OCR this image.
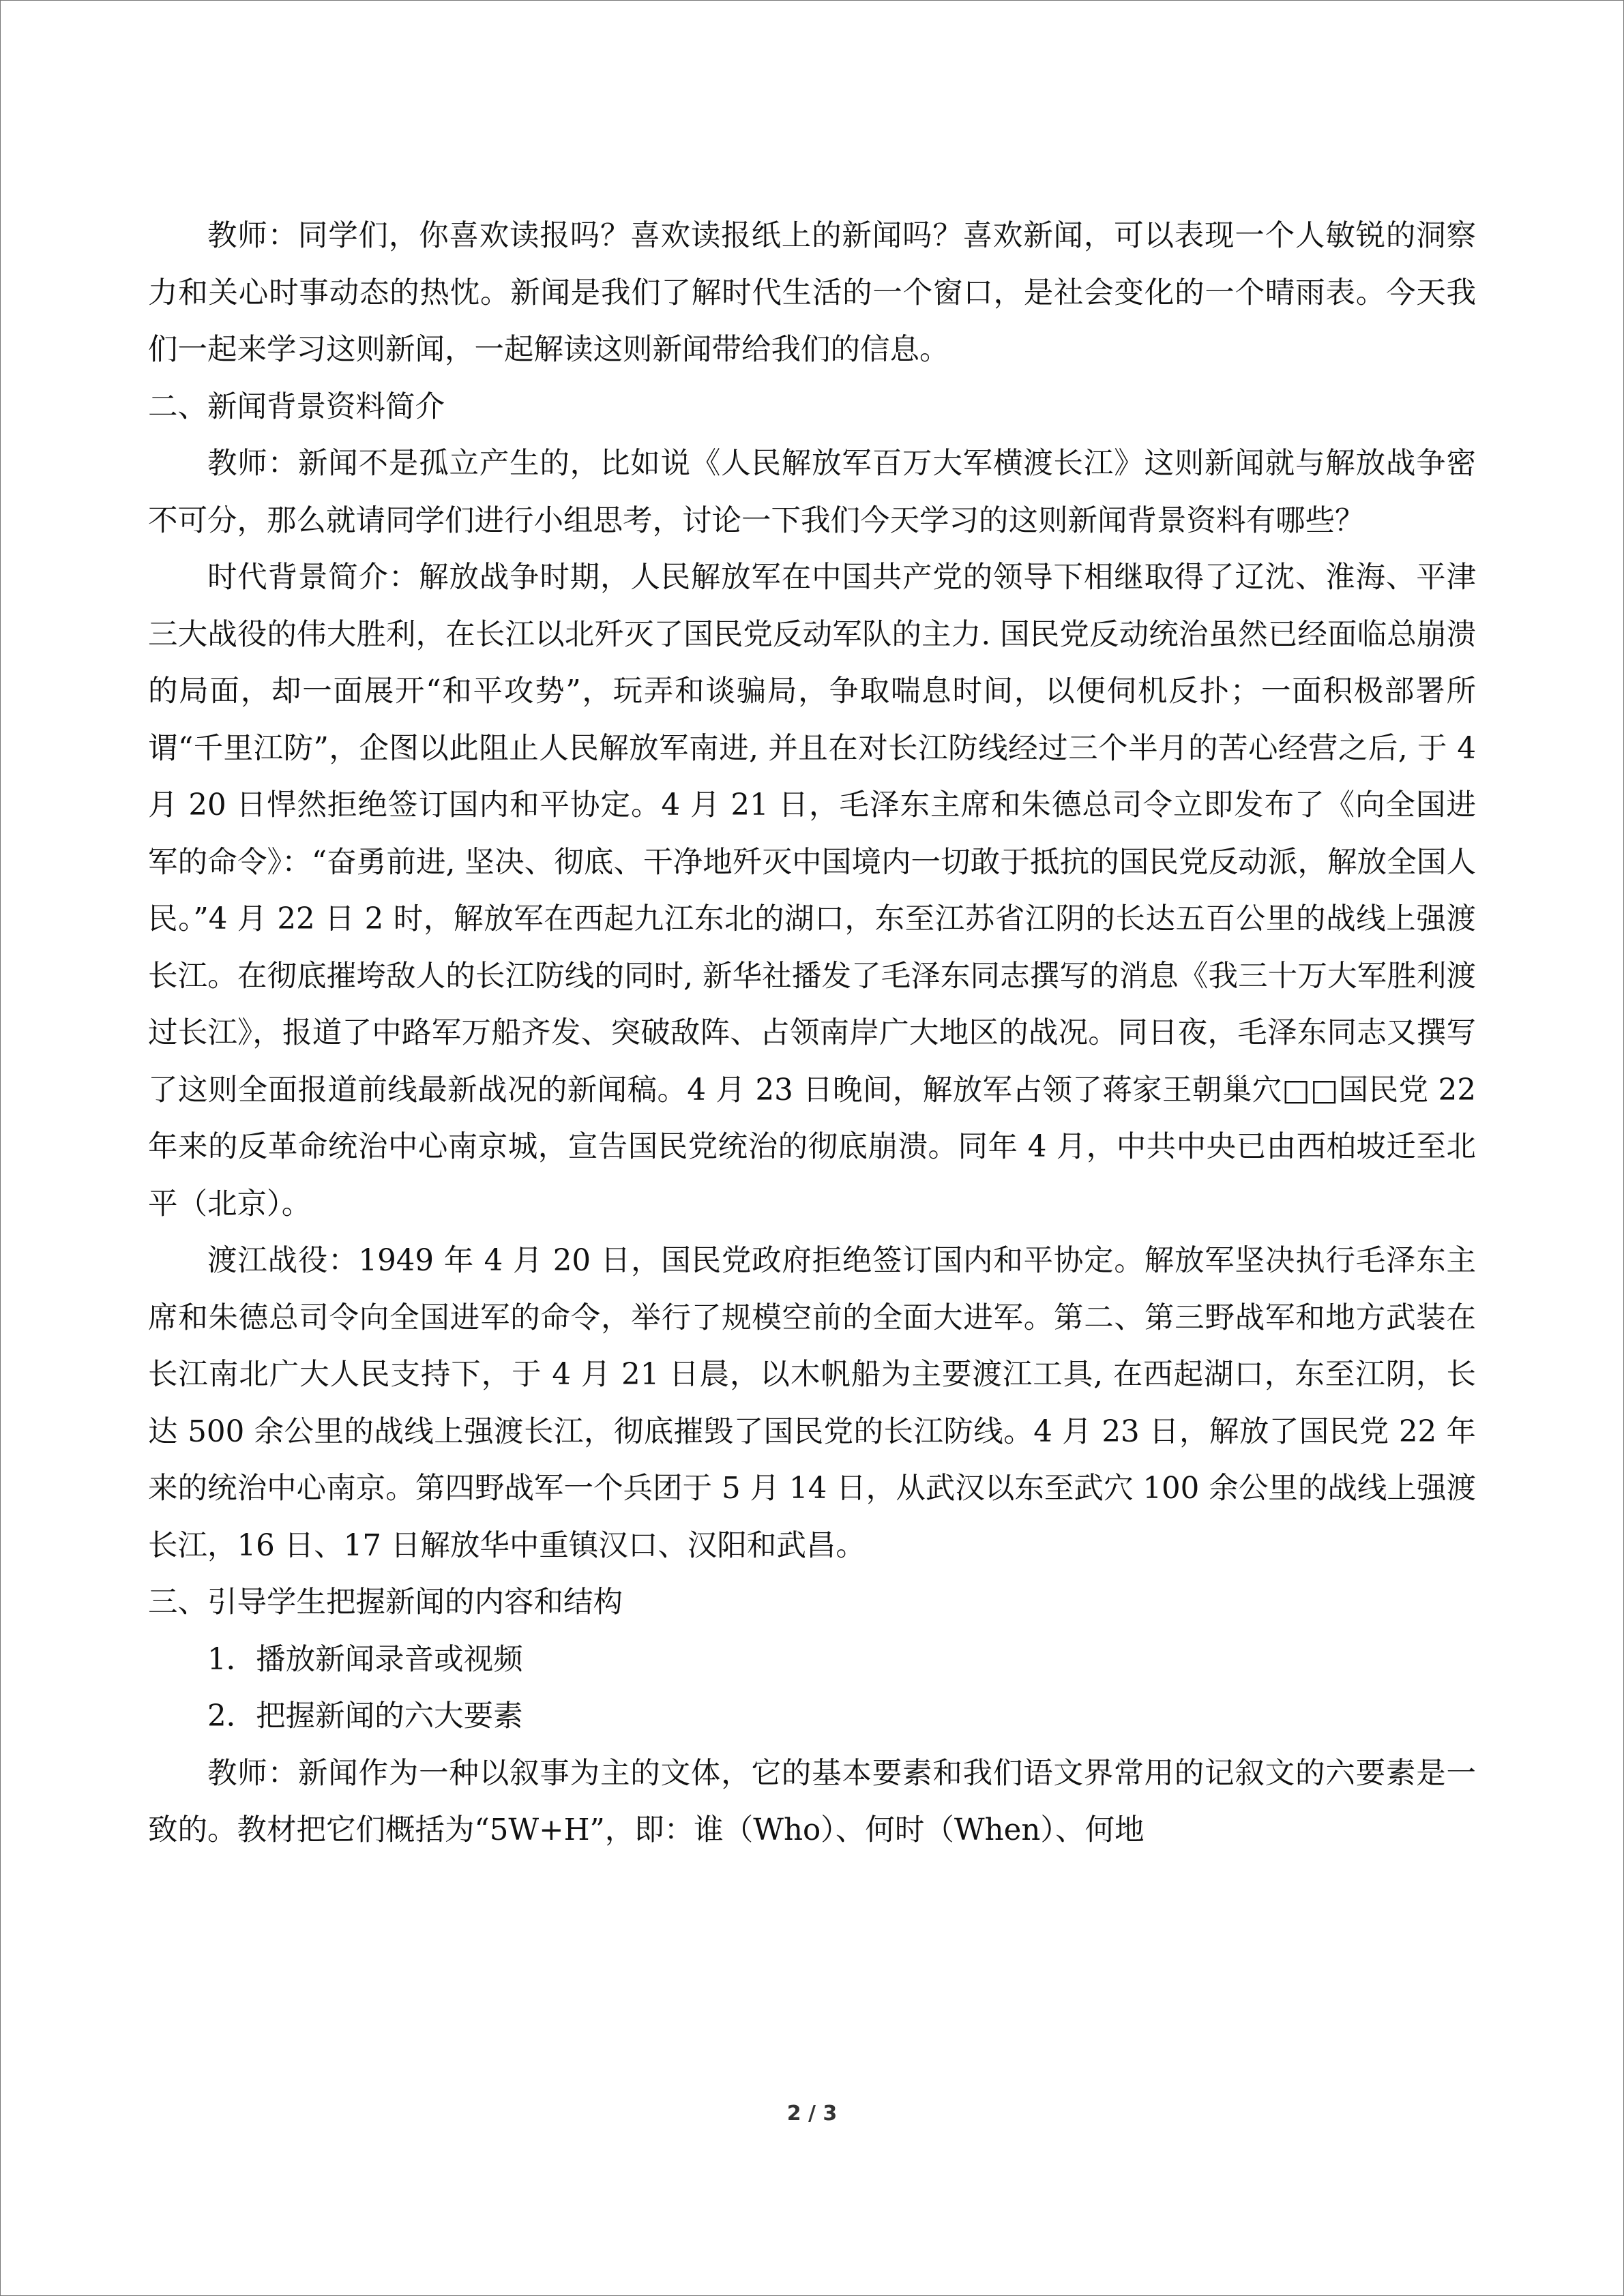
教师：同学们，你喜欢读报吗？喜欢读报纸上的新闻吗？喜欢新闻，可以表现一个人敏锐的洞察力和关心时事动态的热忱。新闻是我们了解时代生活的一个窗口，是社会变化的一个晴雨表。今天我们一起来学习这则新闻，一起解读这则新闻带给我们的信息。

二、新闻背景资料简介

教师：新闻不是孤立产生的，比如说《人民解放军百万大军横渡长江》这则新闻就与解放战争密不可分，那么就请同学们进行小组思考，讨论一下我们今天学习的这则新闻背景资料有哪些？

时代背景简介：解放战争时期，人民解放军在中国共产党的领导下相继取得了辽沈、淮海、平津三大战役的伟大胜利，在长江以北歼灭了国民党反动军队的主力. 国民党反动统治虽然已经面临总崩溃的局面，却一面展开“和平攻势”，玩弄和谈骗局，争取喘息时间，以便伺机反扑；一面积极部署所谓“千里江防”，企图以此阻止人民解放军南进, 并且在对长江防线经过三个半月的苦心经营之后, 于 4 月 20 日悍然拒绝签订国内和平协定。4 月 21 日，毛泽东主席和朱德总司令立即发布了《向全国进军的命令》：“奋勇前进, 坚决、彻底、干净地歼灭中国境内一切敢于抵抗的国民党反动派，解放全国人民。”4 月 22 日 2 时，解放军在西起九江东北的湖口，东至江苏省江阴的长达五百公里的战线上强渡长江。在彻底摧垮敌人的长江防线的同时, 新华社播发了毛泽东同志撰写的消息《我三十万大军胜利渡过长江》，报道了中路军万船齐发、突破敌阵、占领南岸广大地区的战况。同日夜，毛泽东同志又撰写了这则全面报道前线最新战况的新闻稿。4 月 23 日晚间，解放军占领了蒋家王朝巢穴□□国民党 22 年来的反革命统治中心南京城，宣告国民党统治的彻底崩溃。同年 4 月，中共中央已由西柏坡迁至北平（北京）。

渡江战役：1949 年 4 月 20 日，国民党政府拒绝签订国内和平协定。解放军坚决执行毛泽东主席和朱德总司令向全国进军的命令，举行了规模空前的全面大进军。第二、第三野战军和地方武装在长江南北广大人民支持下，于 4 月 21 日晨，以木帆船为主要渡江工具, 在西起湖口，东至江阴，长达 500 余公里的战线上强渡长江，彻底摧毁了国民党的长江防线。4 月 23 日，解放了国民党 22 年来的统治中心南京。第四野战军一个兵团于 5 月 14 日，从武汉以东至武穴 100 余公里的战线上强渡长江，16 日、17 日解放华中重镇汉口、汉阳和武昌。

三、引导学生把握新闻的内容和结构

1．播放新闻录音或视频

2．把握新闻的六大要素

教师：新闻作为一种以叙事为主的文体，它的基本要素和我们语文界常用的记叙文的六要素是一致的。教材把它们概括为“5W+H”，即：谁（Who）、何时（When）、何地

2 / 3
